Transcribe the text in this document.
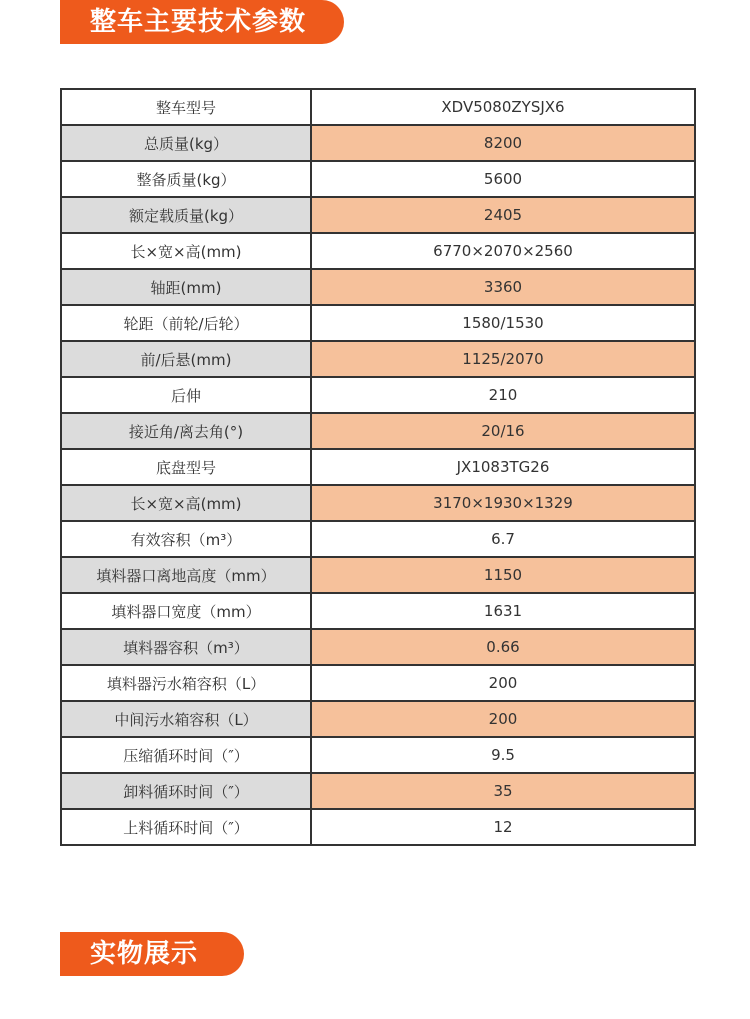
整车主要技术参数
整车型号	XDV5080ZYSJX6
总质量(kg）	8200
整备质量(kg）	5600
额定载质量(kg）	2405
长×宽×高(mm)	6770×2070×2560
轴距(mm)	3360
轮距（前轮/后轮）	1580/1530
前/后悬(mm)	1125/2070
后伸	210
接近角/离去角(°)	20/16
底盘型号	JX1083TG26
长×宽×高(mm)	3170×1930×1329
有效容积（m³）	6.7
填料器口离地高度（mm）	1150
填料器口宽度（mm）	1631
填料器容积（m³）	0.66
填料器污水箱容积（L）	200
中间污水箱容积（L）	200
压缩循环时间（″）	9.5
卸料循环时间（″）	35
上料循环时间（″）	12
实物展示
